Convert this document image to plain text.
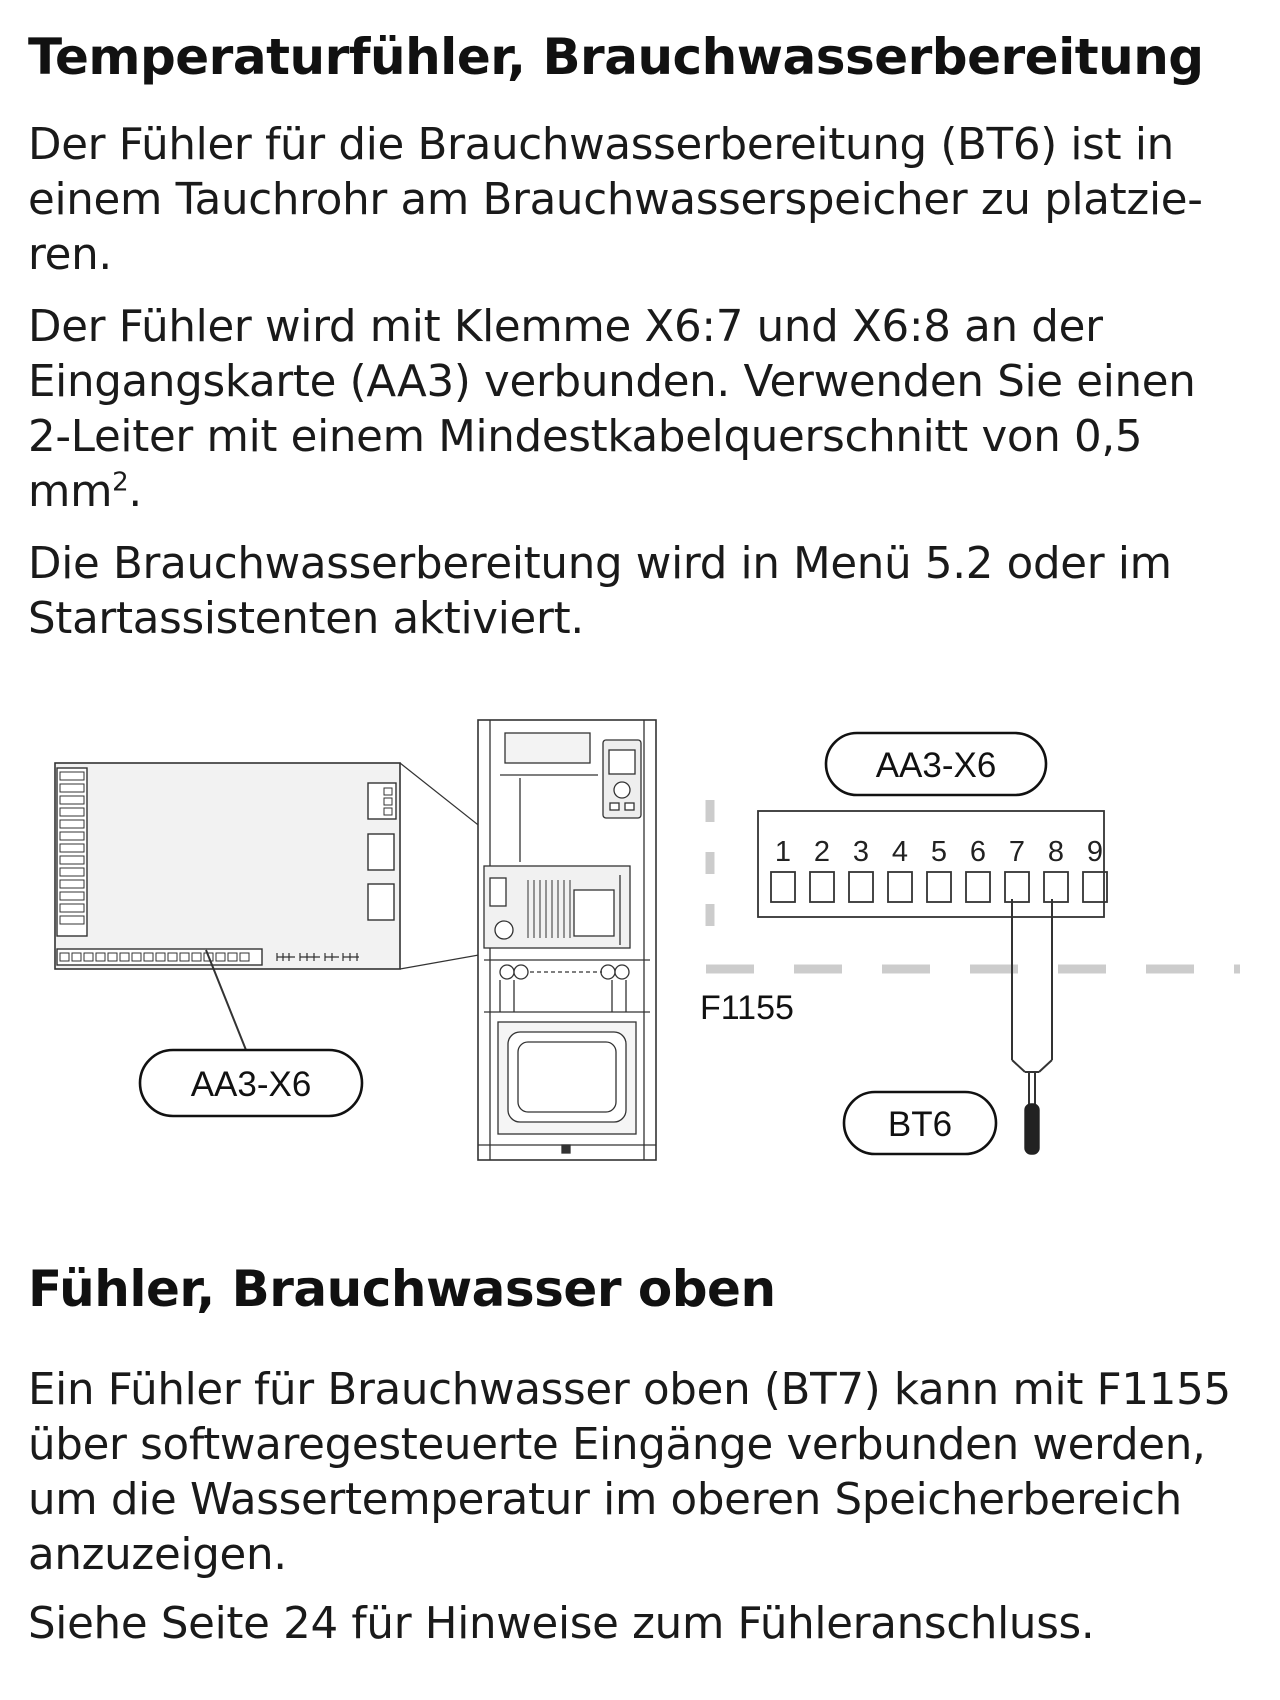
Temperaturfühler, Brauchwasserbereitung

Der Fühler für die Brauchwasserbereitung (BT6) ist in
einem Tauchrohr am Brauchwasserspeicher zu platzie-
ren.

Der Fühler wird mit Klemme X6:7 und X6:8 an der
Eingangskarte (AA3) verbunden. Verwenden Sie einen
2-Leiter mit einem Mindestkabelquerschnitt von 0,5
$mm^2$.

Die Brauchwasserbereitung wird in Menü 5.2 oder im
Startassistenten aktiviert.

AA3-X6
AA3-X6
F1155
BT6
1 2 3 4 5 6 7 8 9
Fühler, Brauchwasser oben

Ein Fühler für Brauchwasser oben (BT7) kann mit F1155
über softwaregesteuerte Eingänge verbunden werden,
um die Wassertemperatur im oberen Speicherbereich
anzuzeigen.

Siehe Seite 24 für Hinweise zum Fühleranschluss.
